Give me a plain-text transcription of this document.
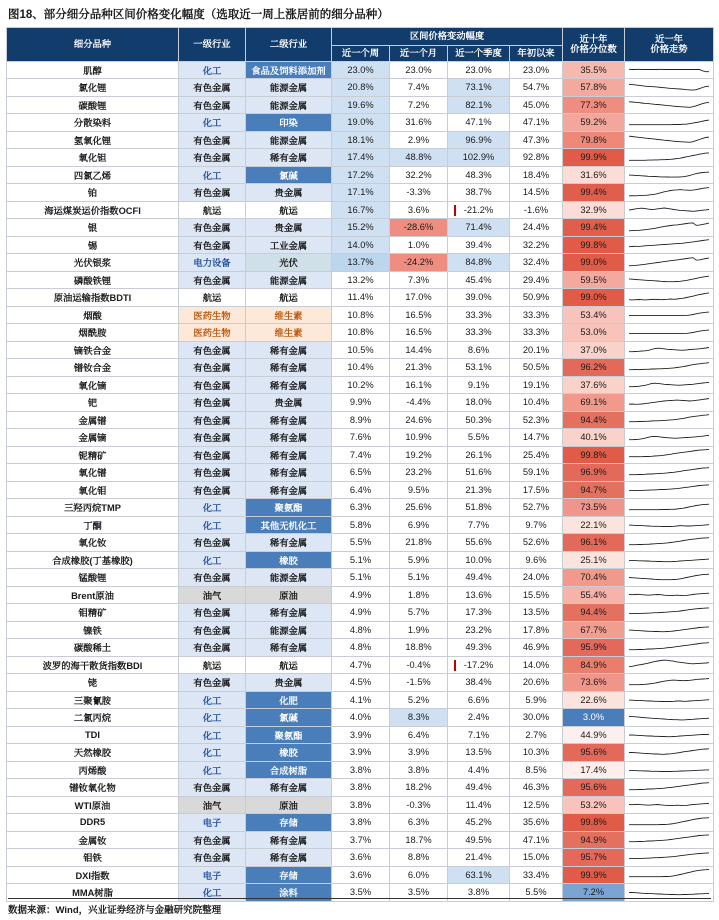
图18、部分细分品种区间价格变化幅度（选取近一周上涨居前的细分品种）
细分品种	一级行业	二级行业	区间价格变动幅度	近十年
价格分位数

近一年
价格走势

			近一个周	近一个月	近一个季度	年初以来		
肌醇	化工	食品及饲料添加剂	23.0%	23.0%	23.0%	23.0%	35.5%	

氯化锂	有色金属	能源金属	20.8%	7.4%	73.1%	54.7%	57.8%	

碳酸锂	有色金属	能源金属	19.6%	7.2%	82.1%	45.0%	77.3%	

分散染料	化工	印染	19.0%	31.6%	47.1%	47.1%	59.2%	

氢氧化锂	有色金属	能源金属	18.1%	2.9%	96.9%	47.3%	79.8%	

氧化钽	有色金属	稀有金属	17.4%	48.8%	102.9%	92.8%	99.9%	

四氯乙烯	化工	氯碱	17.2%	32.2%	48.3%	18.4%	31.6%	

铂	有色金属	贵金属	17.1%	-3.3%	38.7%	14.5%	99.4%	

海运煤炭运价指数OCFI	航运	航运	16.7%	3.6%	-21.2%	-1.6%	32.9%	

银	有色金属	贵金属	15.2%	-28.6%	71.4%	24.4%	99.4%	

锡	有色金属	工业金属	14.0%	1.0%	39.4%	32.2%	99.8%	

光伏银浆	电力设备	光伏	13.7%	-24.2%	84.8%	32.4%	99.0%	

磷酸铁锂	有色金属	能源金属	13.2%	7.3%	45.4%	29.4%	59.5%	

原油运输指数BDTI	航运	航运	11.4%	17.0%	39.0%	50.9%	99.0%	

烟酸	医药生物	维生素	10.8%	16.5%	33.3%	33.3%	53.4%	

烟酰胺	医药生物	维生素	10.8%	16.5%	33.3%	33.3%	53.0%	

镝铁合金	有色金属	稀有金属	10.5%	14.4%	8.6%	20.1%	37.0%	

镨钕合金	有色金属	稀有金属	10.4%	21.3%	53.1%	50.5%	96.2%	

氧化镝	有色金属	稀有金属	10.2%	16.1%	9.1%	19.1%	37.6%	

钯	有色金属	贵金属	9.9%	-4.4%	18.0%	10.4%	69.1%	

金属镨	有色金属	稀有金属	8.9%	24.6%	50.3%	52.3%	94.4%	

金属镝	有色金属	稀有金属	7.6%	10.9%	5.5%	14.7%	40.1%	

铌精矿	有色金属	稀有金属	7.4%	19.2%	26.1%	25.4%	99.8%	

氧化镨	有色金属	稀有金属	6.5%	23.2%	51.6%	59.1%	96.9%	

氧化钼	有色金属	稀有金属	6.4%	9.5%	21.3%	17.5%	94.7%	

三羟丙烷TMP	化工	聚氨酯	6.3%	25.6%	51.8%	52.7%	73.5%	

丁酮	化工	其他无机化工	5.8%	6.9%	7.7%	9.7%	22.1%	

氧化钕	有色金属	稀有金属	5.5%	21.8%	55.6%	52.6%	96.1%	

合成橡胶(丁基橡胶)	化工	橡胶	5.1%	5.9%	10.0%	9.6%	25.1%	

锰酸锂	有色金属	能源金属	5.1%	5.1%	49.4%	24.0%	70.4%	

Brent原油	油气	原油	4.9%	1.8%	13.6%	15.5%	55.4%	

钼精矿	有色金属	稀有金属	4.9%	5.7%	17.3%	13.5%	94.4%	

镍铁	有色金属	能源金属	4.8%	1.9%	23.2%	17.8%	67.7%	

碳酸稀土	有色金属	稀有金属	4.8%	18.8%	49.3%	46.9%	95.9%	

波罗的海干散货指数BDI	航运	航运	4.7%	-0.4%	-17.2%	14.0%	84.9%	

铑	有色金属	贵金属	4.5%	-1.5%	38.4%	20.6%	73.6%	

三聚氰胺	化工	化肥	4.1%	5.2%	6.6%	5.9%	22.6%	

二氯丙烷	化工	氯碱	4.0%	8.3%	2.4%	30.0%	3.0%	

TDI	化工	聚氨酯	3.9%	6.4%	7.1%	2.7%	44.9%	

天然橡胶	化工	橡胶	3.9%	3.9%	13.5%	10.3%	95.6%	

丙烯酸	化工	合成树脂	3.8%	3.8%	4.4%	8.5%	17.4%	

镨钕氧化物	有色金属	稀有金属	3.8%	18.2%	49.4%	46.3%	95.6%	

WTI原油	油气	原油	3.8%	-0.3%	11.4%	12.5%	53.2%	

DDR5	电子	存储	3.8%	6.3%	45.2%	35.6%	99.8%	

金属钕	有色金属	稀有金属	3.7%	18.7%	49.5%	47.1%	94.9%	

钼铁	有色金属	稀有金属	3.6%	8.8%	21.4%	15.0%	95.7%	

DXI指数	电子	存储	3.6%	6.0%	63.1%	33.4%	99.9%	

MMA树脂	化工	涂料	3.5%	3.5%	3.8%	5.5%	7.2%	
数据来源：Wind，兴业证券经济与金融研究院整理
